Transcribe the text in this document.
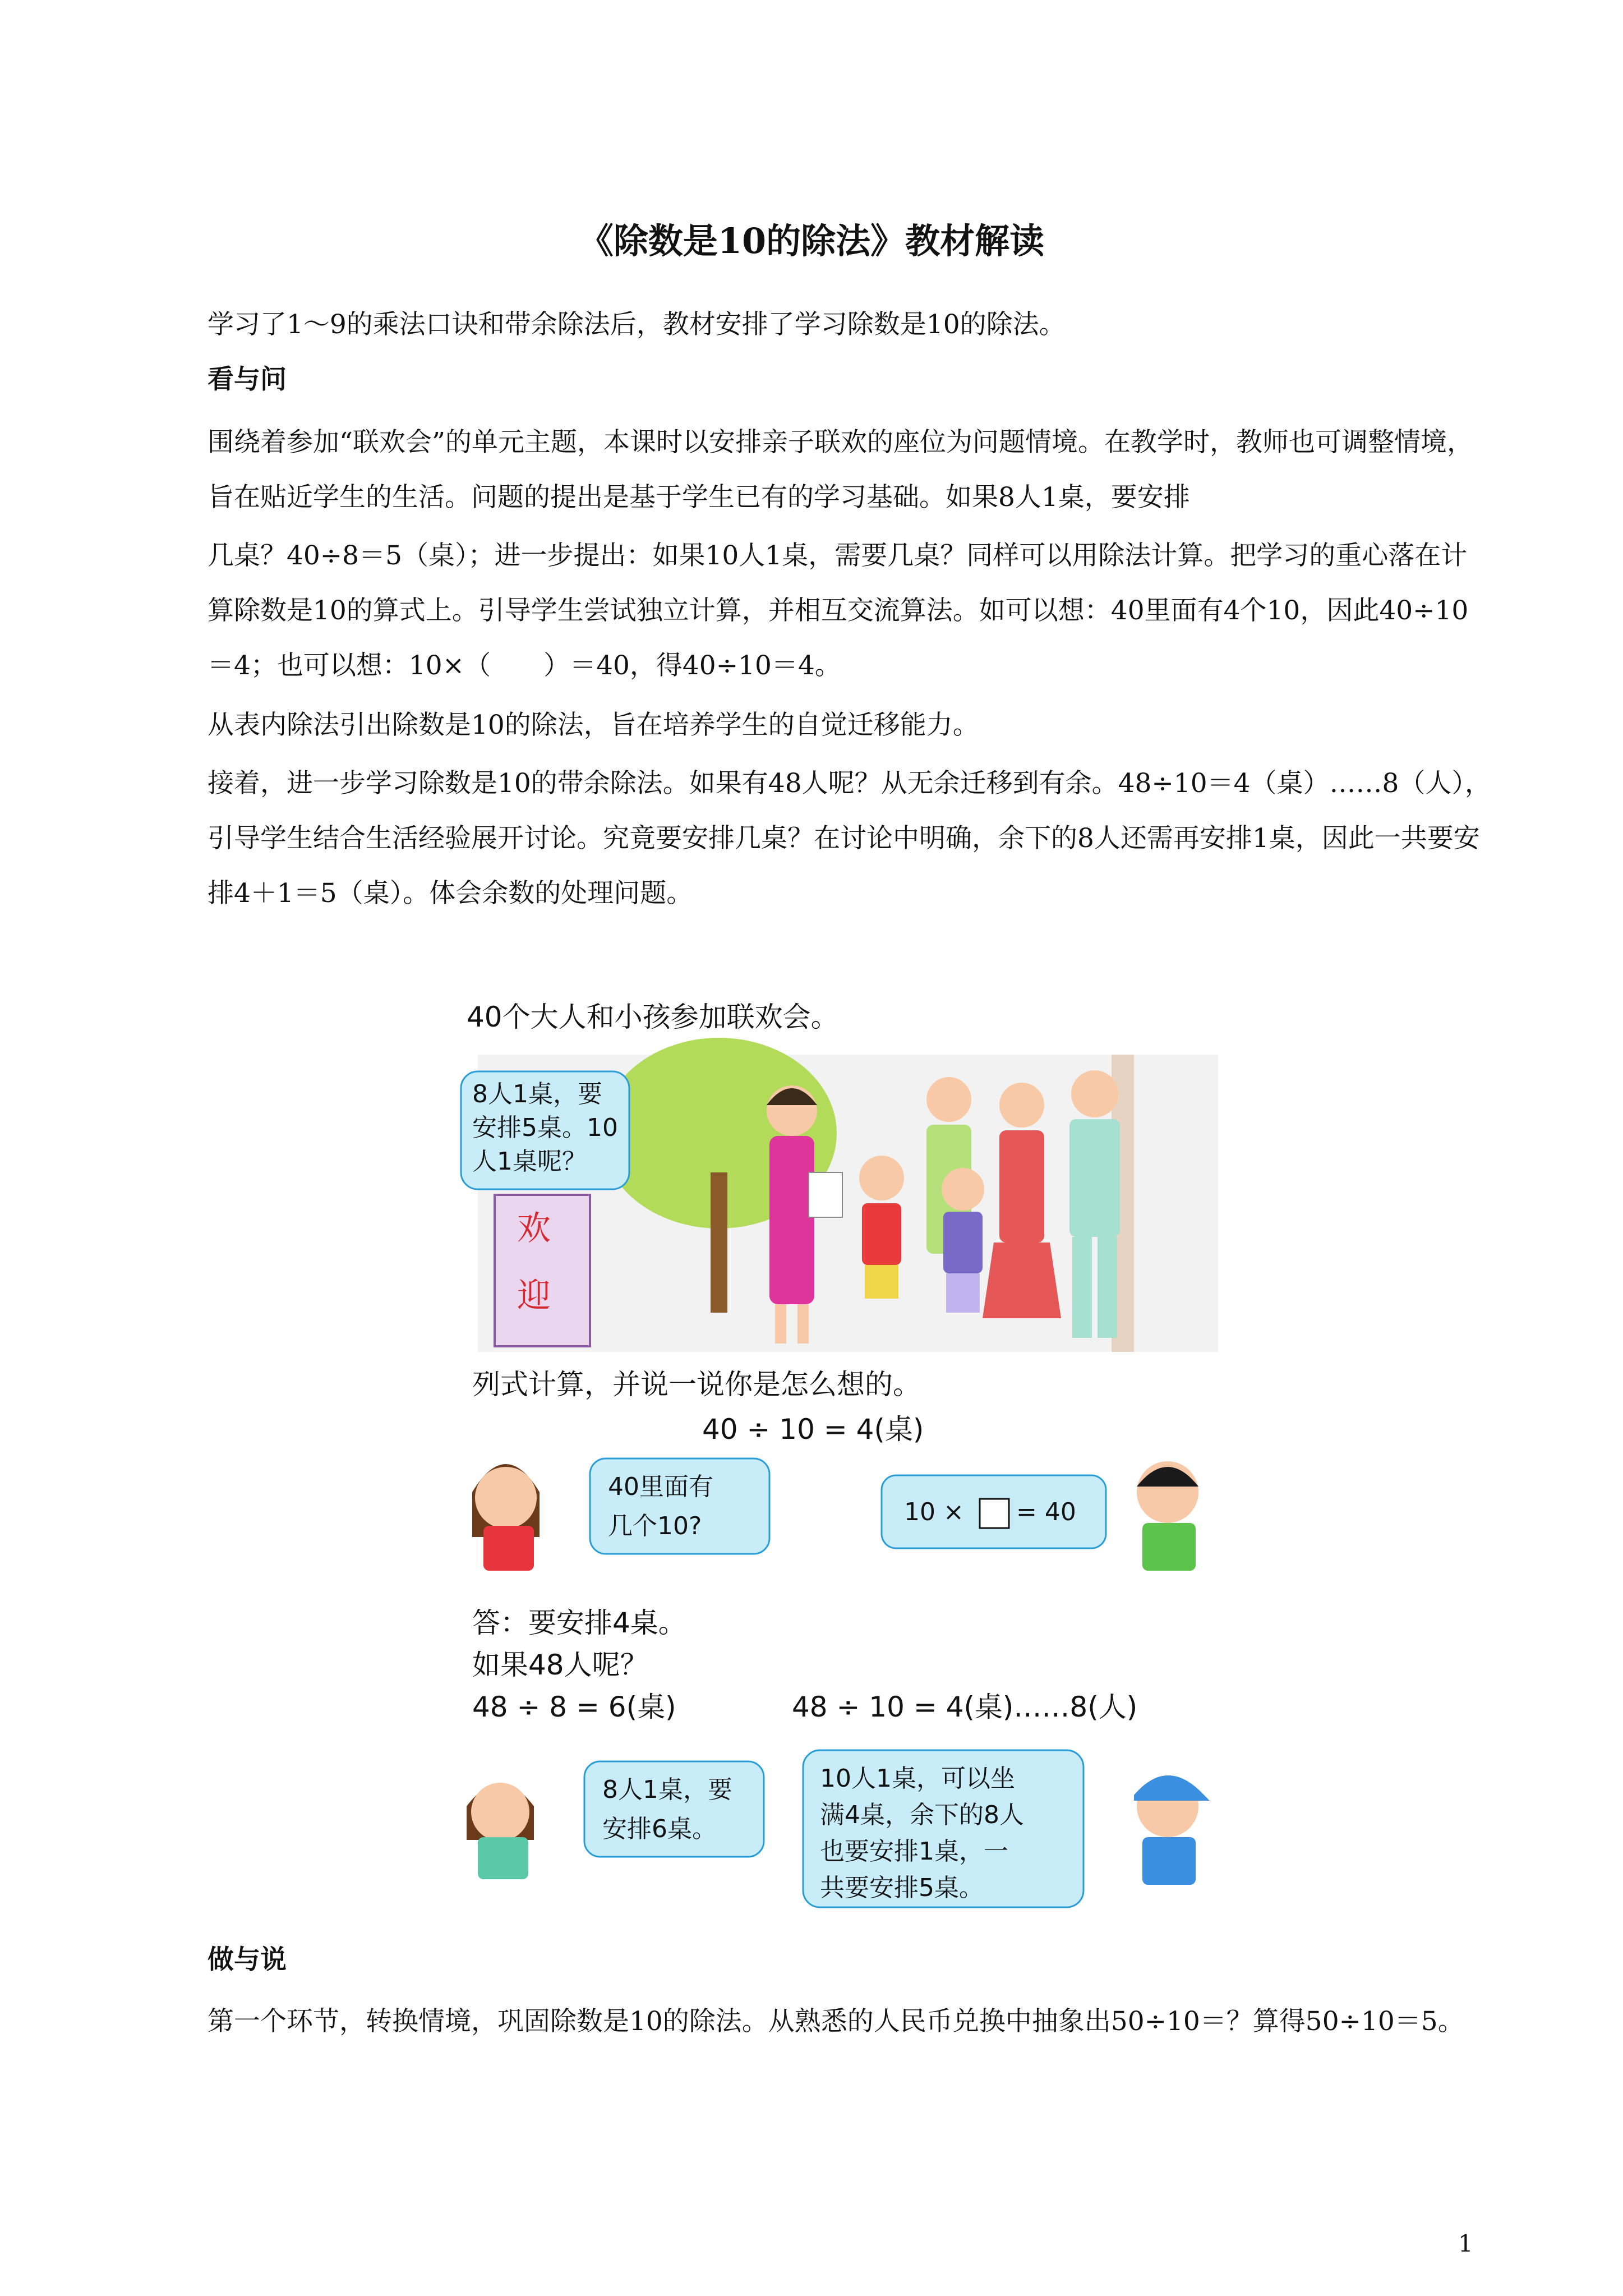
《除数是10的除法》教材解读
学习了1～9的乘法口诀和带余除法后，教材安排了学习除数是10的除法。
看与问
围绕着参加“联欢会”的单元主题，本课时以安排亲子联欢的座位为问题情境。在教学时，教师也可调整情境，旨在贴近学生的生活。问题的提出是基于学生已有的学习基础。如果8人1桌，要安排
几桌？40÷8＝5（桌）；进一步提出：如果10人1桌，需要几桌？同样可以用除法计算。把学习的重心落在计算除数是10的算式上。引导学生尝试独立计算，并相互交流算法。如可以想：40里面有4个10，因此40÷10＝4；也可以想：10×（　　）＝40，得40÷10＝4。
从表内除法引出除数是10的除法，旨在培养学生的自觉迁移能力。
接着，进一步学习除数是10的带余除法。如果有48人呢？从无余迁移到有余。48÷10＝4（桌）……8（人），引导学生结合生活经验展开讨论。究竟要安排几桌？在讨论中明确，余下的8人还需再安排1桌，因此一共要安排4＋1＝5（桌）。体会余数的处理问题。
40个大人和小孩参加联欢会。
欢
迎
8人1桌，要
安排5桌。10
人1桌呢？
列式计算，并说一说你是怎么想的。
40 ÷ 10 = 4(桌)
40里面有
几个10?	10 × = 40
答：要安排4桌。
如果48人呢？
48 ÷ 8 = 6(桌)	48 ÷ 10 = 4(桌)……8(人)
8人1桌，要
安排6桌。
10人1桌，可以坐
满4桌，余下的8人
也要安排1桌，一
共要安排5桌。
做与说
第一个环节，转换情境，巩固除数是10的除法。从熟悉的人民币兑换中抽象出50÷10＝？算得50÷10＝5。
1
